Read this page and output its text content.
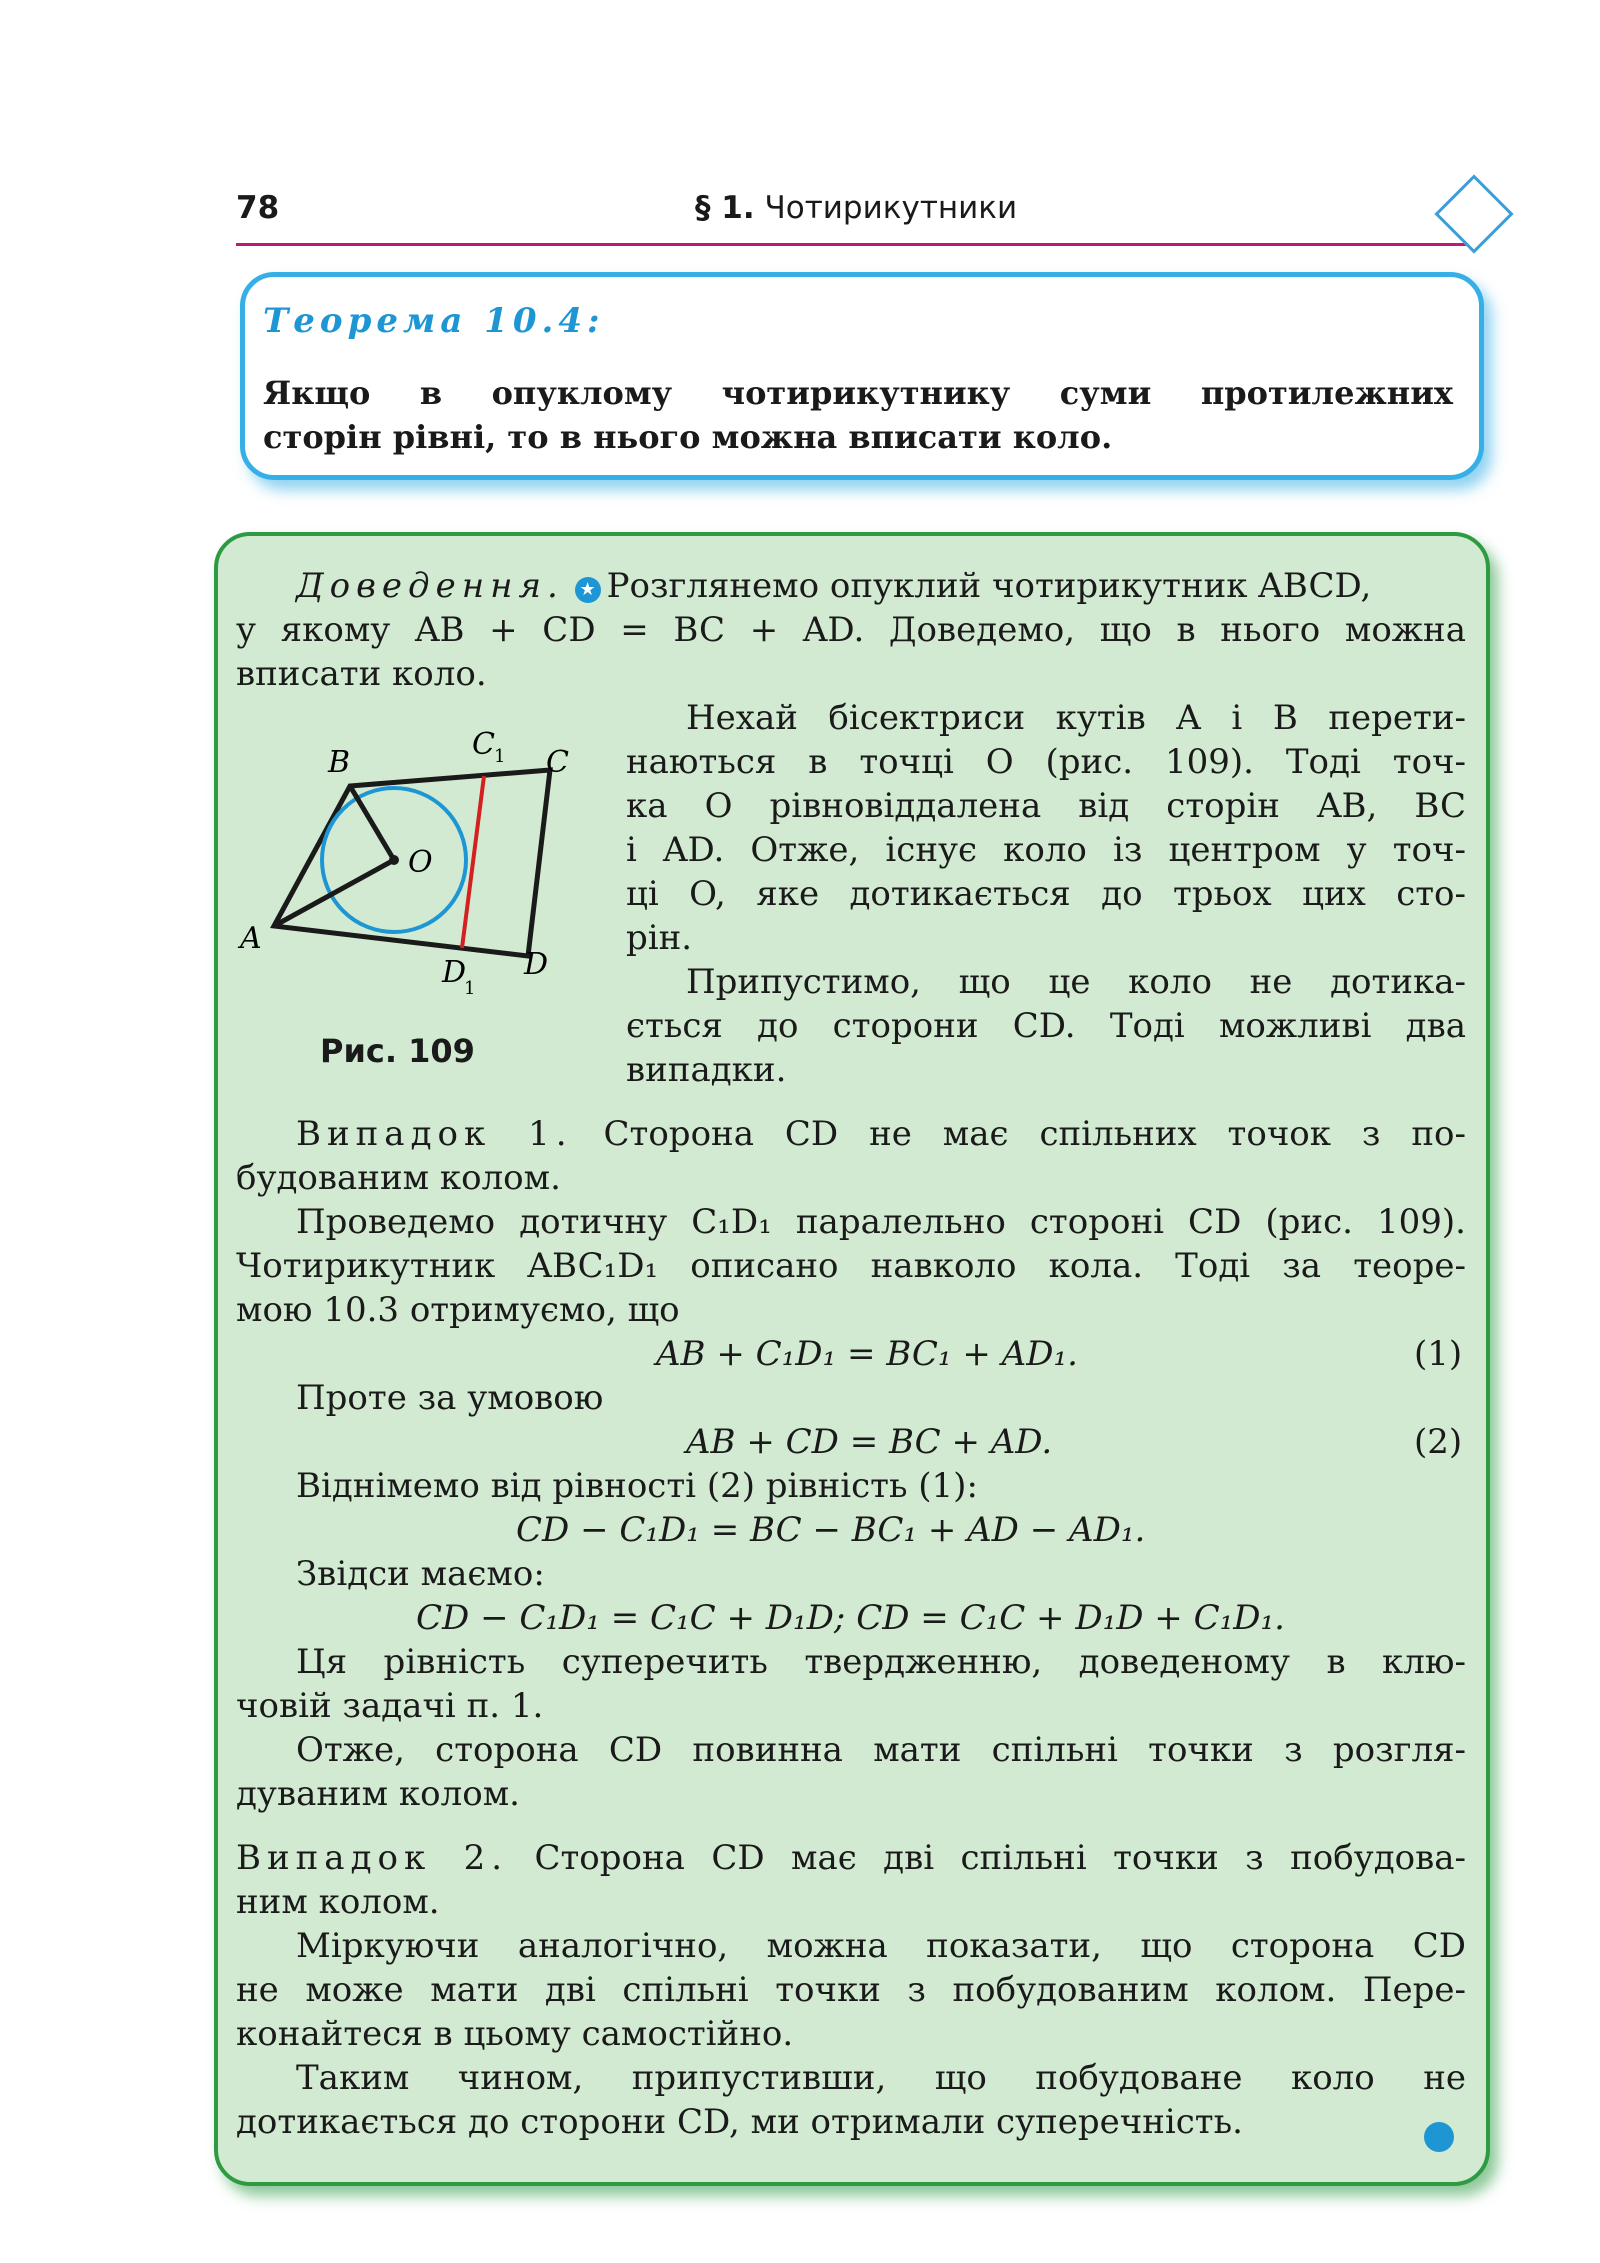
78	§ 1. Чотирикутники
Теорема 10.4:
Якщо в опуклому чотирикутнику суми протилежних
сторін рівні, то в нього можна вписати коло.
Доведення. ★ Розглянемо опуклий чотирикутник ABCD,
у якому AB + CD = BC + AD. Доведемо, що в нього можна
вписати коло.
B	C
C 1
O
A
D
1
D
Рис. 109
Нехай бісектриси кутів A і B перети-
наються в точці O (рис. 109). Тоді точ-
ка O рівновіддалена від сторін AB, BC
і AD. Отже, існує коло із центром у точ-
ці O, яке дотикається до трьох цих сто-
рін.
Припустимо, що це коло не дотика-
ється до сторони CD. Тоді можливі два
випадки.
Випадок 1. Сторона CD не має спільних точок з по-
будованим колом.
Проведемо дотичну C₁D₁ паралельно стороні CD (рис. 109).
Чотирикутник ABC₁D₁ описано навколо кола. Тоді за теоре-
мою 10.3 отримуємо, що
AB + C₁D₁ = BC₁ + AD₁.	(1)
Проте за умовою
AB + CD = BC + AD.	(2)
Віднімемо від рівності (2) рівність (1):
CD − C₁D₁ = BC − BC₁ + AD − AD₁.
Звідси маємо:
CD − C₁D₁ = C₁C + D₁D; CD = C₁C + D₁D + C₁D₁.
Ця рівність суперечить твердженню, доведеному в клю-
човій задачі п. 1.
Отже, сторона CD повинна мати спільні точки з розгля-
дуваним колом.
Випадок 2. Сторона CD має дві спільні точки з побудова-
ним колом.
Міркуючи аналогічно, можна показати, що сторона CD
не може мати дві спільні точки з побудованим колом. Пере-
конайтеся в цьому самостійно.
Таким чином, припустивши, що побудоване коло не
дотикається до сторони CD, ми отримали суперечність.
